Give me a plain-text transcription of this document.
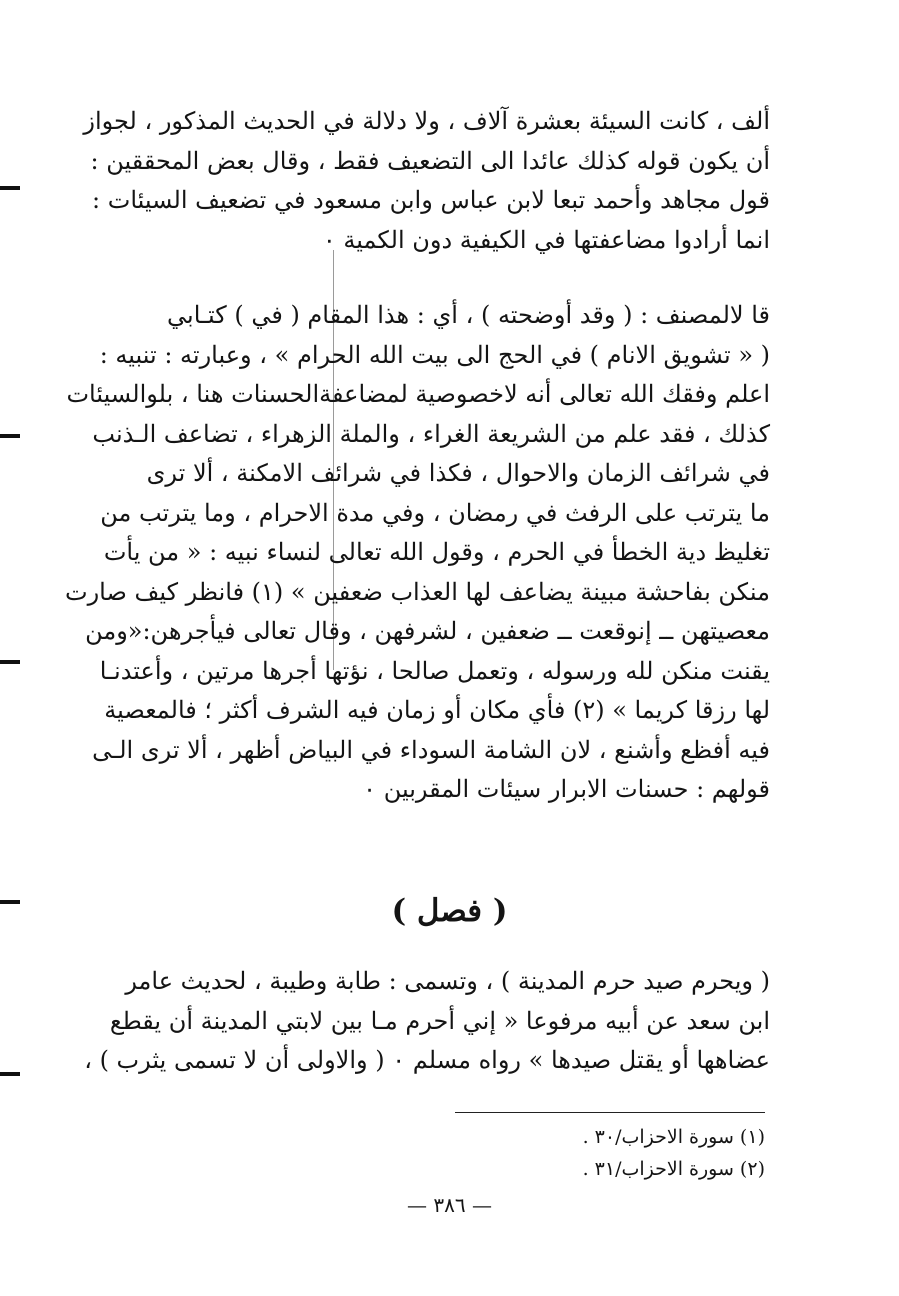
ألف ، كانت السيئة بعشرة آلاف ، ولا دلالة في الحديث المذكور ، لجواز
أن يكون قوله كذلك عائدا الى التضعيف فقط ، وقال بعض المحققين :
قول مجاهد وأحمد تبعا لابن عباس وابن مسعود في تضعيف السيئات :
انما أرادوا مضاعفتها في الكيفية دون الكمية ٠
قا لالمصنف : ( وقد أوضحته ) ، أي : هذا المقام ( في ) كتـابي
( « تشويق الانام ) في الحج الى بيت الله الحرام » ، وعبارته : تنبيه :
اعلم وفقك الله تعالى أنه لاخصوصية لمضاعفةالحسنات هنا ، بلوالسيئات
كذلك ، فقد علم من الشريعة الغراء ، والملة الزهراء ، تضاعف الـذنب
في شرائف الزمان والاحوال ، فكذا في شرائف الامكنة ، ألا ترى
ما يترتب على الرفث في رمضان ، وفي مدة الاحرام ، وما يترتب من
تغليظ دية الخطأ في الحرم ، وقول الله تعالى لنساء نبيه : « من يأت
منكن بفاحشة مبينة يضاعف لها العذاب ضعفين » (١) فانظر كيف صارت
معصيتهن ــ إنوقعت ــ ضعفين ، لشرفهن ، وقال تعالى فيأجرهن:«ومن
يقنت منكن لله ورسوله ، وتعمل صالحا ، نؤتها أجرها مرتين ، وأعتدنـا
لها رزقا كريما » (٢) فأي مكان أو زمان فيه الشرف أكثر ؛ فالمعصية
فيه أفظع وأشنع ، لان الشامة السوداء في البياض أظهر ، ألا ترى الـى
قولهم : حسنات الابرار سيئات المقربين ٠
( فصل )
( ويحرم صيد حرم المدينة ) ، وتسمى : طابة وطيبة ، لحديث عامر
ابن سعد عن أبيه مرفوعا « إني أحرم مـا بين لابتي المدينة أن يقطع
عضاهها أو يقتل صيدها » رواه مسلم ٠ ( والاولى أن لا تسمى يثرب ) ،
(١) سورة الاحزاب/٣٠ .
(٢) سورة الاحزاب/٣١ .
— ٣٨٦ —
